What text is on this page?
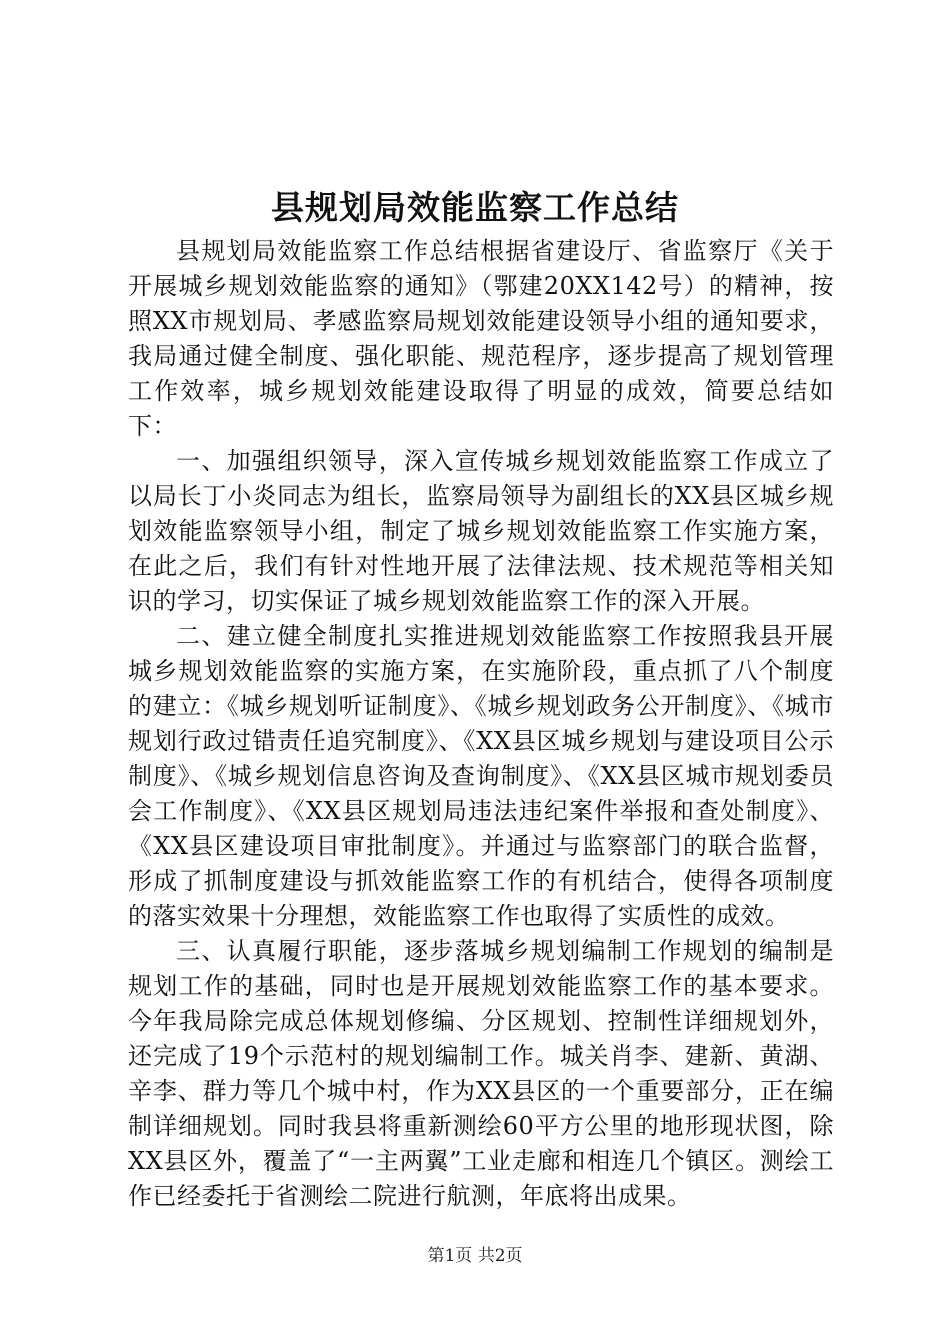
县规划局效能监察工作总结

县规划局效能监察工作总结根据省建设厅、省监察厅《关于开展城乡规划效能监察的通知》（鄂建20XX142号）的精神，按照XX市规划局、孝感监察局规划效能建设领导小组的通知要求，我局通过健全制度、强化职能、规范程序，逐步提高了规划管理工作效率，城乡规划效能建设取得了明显的成效，简要总结如下：

一、加强组织领导，深入宣传城乡规划效能监察工作成立了以局长丁小炎同志为组长，监察局领导为副组长的XX县区城乡规划效能监察领导小组，制定了城乡规划效能监察工作实施方案，在此之后，我们有针对性地开展了法律法规、技术规范等相关知识的学习，切实保证了城乡规划效能监察工作的深入开展。

二、建立健全制度扎实推进规划效能监察工作按照我县开展城乡规划效能监察的实施方案，在实施阶段，重点抓了八个制度的建立：《城乡规划听证制度》、《城乡规划政务公开制度》、《城市规划行政过错责任追究制度》、《XX县区城乡规划与建设项目公示制度》、《城乡规划信息咨询及查询制度》、《XX县区城市规划委员会工作制度》、《XX县区规划局违法违纪案件举报和查处制度》、《XX县区建设项目审批制度》。并通过与监察部门的联合监督，形成了抓制度建设与抓效能监察工作的有机结合，使得各项制度的落实效果十分理想，效能监察工作也取得了实质性的成效。

三、认真履行职能，逐步落城乡规划编制工作规划的编制是规划工作的基础，同时也是开展规划效能监察工作的基本要求。今年我局除完成总体规划修编、分区规划、控制性详细规划外，还完成了19个示范村的规划编制工作。城关肖李、建新、黄湖、辛李、群力等几个城中村，作为XX县区的一个重要部分，正在编制详细规划。同时我县将重新测绘60平方公里的地形现状图，除XX县区外，覆盖了“一主两翼”工业走廊和相连几个镇区。测绘工作已经委托于省测绘二院进行航测，年底将出成果。

第1页 共2页
